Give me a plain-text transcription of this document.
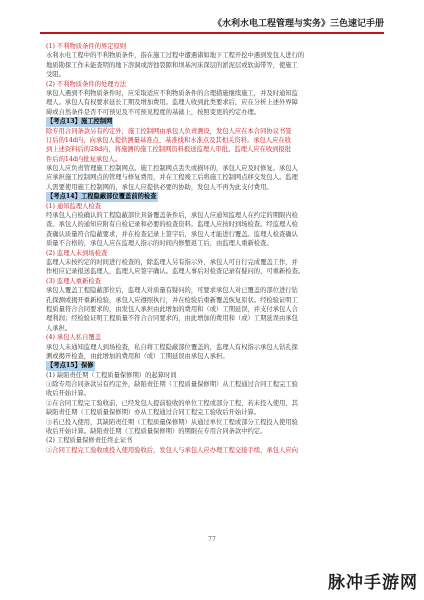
《水利水电工程管理与实务》三色速记手册
(1) 不利物质条件的界定原则
水利水电工程中的不利物质条件，指在施工过程中遭遇诸如地下工程开挖中遇到发包人进行的
地质勘探工作未能查明的地下溶洞或溶蚀裂隙和坝基河床深层的淤泥层或软弱带等，使施工
受阻。
(2) 不利物质条件的处理方法
承包人遇到不利物质条件时，应采取适应不利物质条件的合理措施继续施工，并及时通知监
理人。承包人有权要求延长工期及增加费用。监理人收到此类要求后，应在分析上述外界障
碍或自然条件是否不可预见及不可预见程度的基础上，按照变更的约定办理。
【考点13】施工控制网
除专用合同条款另有约定外，施工控制网由承包人负责测设，发包人应在本合同协议书签
订后的14d内，向承包人提供测量基准点、基准线和水准点及其相关资料。承包人应在收
到上述资料后的28d内，将施测的施工控制网资料报送监理人审批。监理人应在收到报批
件后的14d内批复承包人。
承包人应负责管理施工控制网点。施工控制网点丢失或损坏的，承包人应及时修复。承包人
应承担施工控制网点的管理与修复费用，并在工程竣工后将施工控制网点移交发包人。监理
人需要使用施工控制网的，承包人应提供必要的协助，发包人不再为此支付费用。
【考点14】工程隐蔽部位覆盖前的检查
(1) 通知监理人检查
经承包人自检确认的工程隐蔽部位具备覆盖条件后，承包人应通知监理人在约定的期限内检
查。承包人的通知应附有自检记录和必要的检查资料。监理人应按时到场检查。经监理人检
查确认质量符合隐蔽要求，并在检查记录上签字后，承包人才能进行覆盖。监理人检查确认
质量不合格的，承包人应在监理人指示的时间内修整返工后，由监理人重新检查。
(2) 监理人未到场检查
监理人未按约定的时间进行检查的，除监理人另有指示外，承包人可自行完成覆盖工作，并
作相应记录报送监理人，监理人应签字确认。监理人事后对检查记录有疑问的，可重新检查。
(3) 监理人重新检查
承包人覆盖工程隐蔽部位后，监理人对质量有疑问的，可要求承包人对已覆盖的部位进行钻
孔探测或揭开重新检验，承包人应遵照执行，并在检验后重新覆盖恢复原状。经检验证明工
程质量符合合同要求的，由发包人承担由此增加的费用和（或）工期延误，并支付承包人合
理利润；经检验证明工程质量不符合合同要求的，由此增加的费用和（或）工期延误由承包
人承担。
(4) 承包人私自覆盖
承包人未通知监理人到场检查，私自将工程隐蔽部位覆盖的，监理人有权指示承包人钻孔探
测或揭开检查，由此增加的费用和（或）工期延误由承包人承担。
【考点15】保修
(1) 缺陷责任期（工程质量保修期）的起算时间
①除专用合同条款另有约定外，缺陷责任期（工程质量保修期）从工程通过合同工程完工验
收后开始计算。
②在合同工程完工验收前，已经发包人提前验收的单位工程或部分工程，若未投入使用，其
缺陷责任期（工程质量保修期）亦从工程通过合同工程完工验收后开始计算。
③若已投入使用，其缺陷责任期（工程质量保修期）从通过单位工程或部分工程投入使用验
收后开始计算。缺陷责任期（工程质量保修期）的期限在专用合同条款中约定。
(2) 工程质量保修责任终止证书
①合同工程完工验收或投入使用验收后，发包人与承包人应办理工程交接手续，承包人应向
77
脉冲手游网
